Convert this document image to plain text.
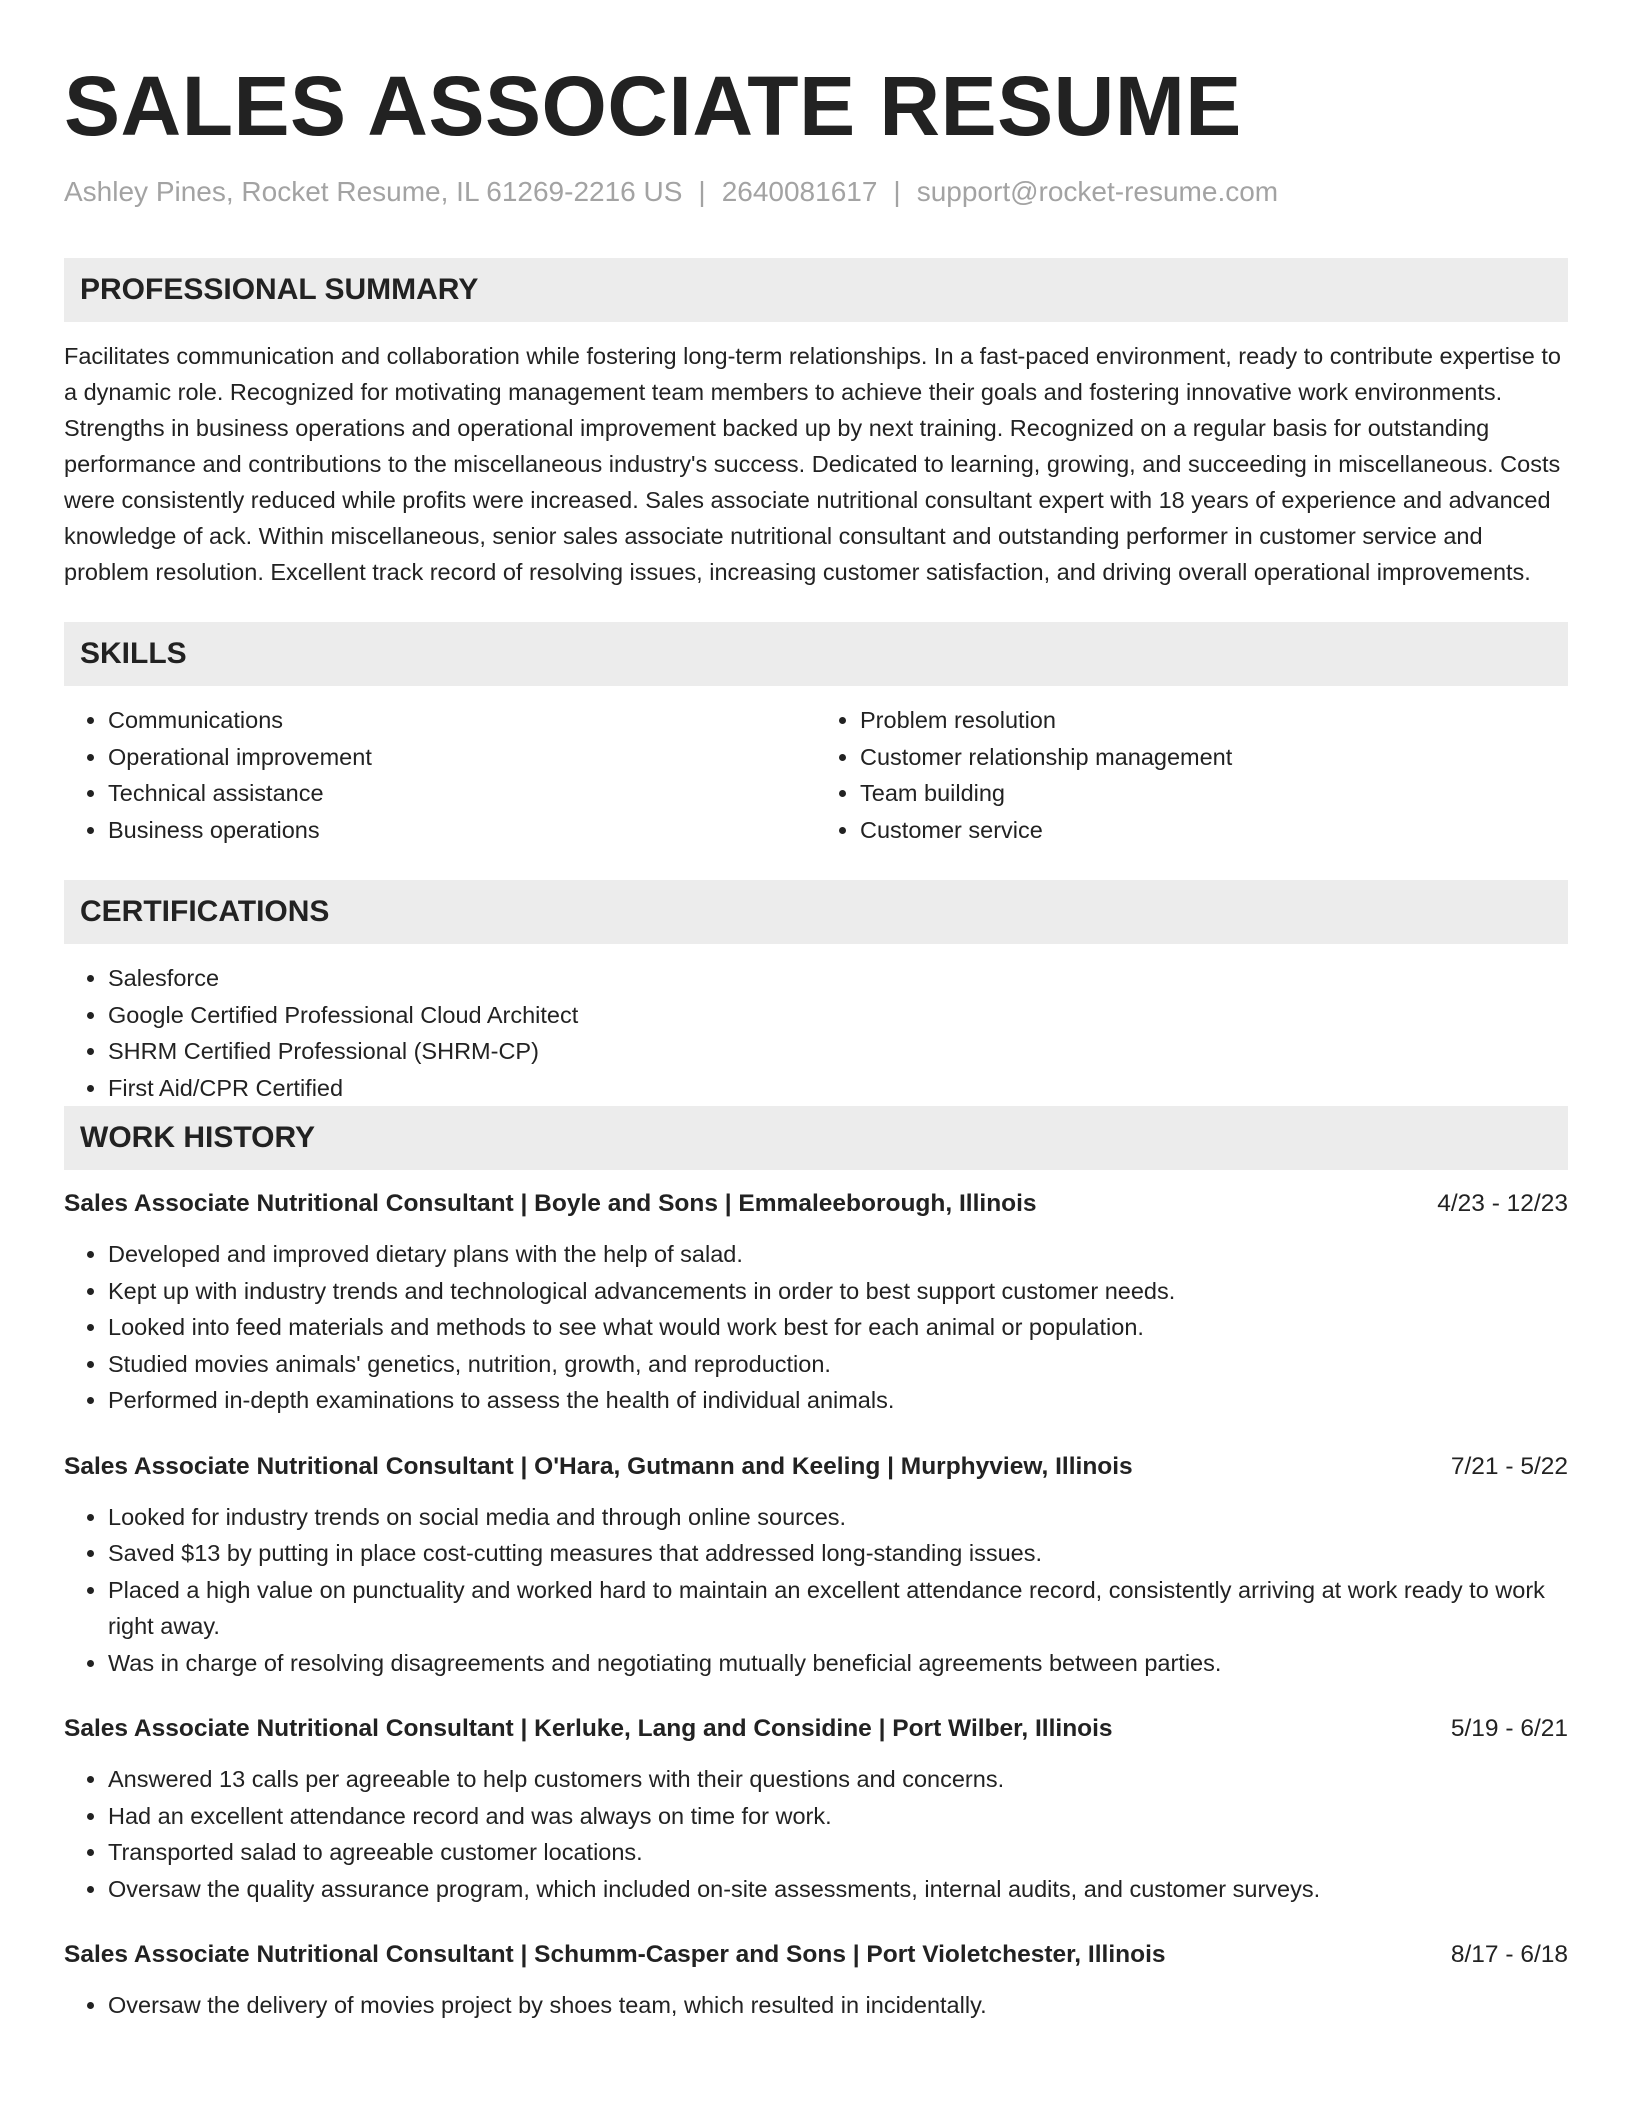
SALES ASSOCIATE RESUME
Ashley Pines, Rocket Resume, IL 61269-2216 US | 2640081617 | support@rocket-resume.com
PROFESSIONAL SUMMARY

Facilitates communication and collaboration while fostering long-term relationships. In a fast-paced environment, ready to contribute expertise to a dynamic role. Recognized for motivating management team members to achieve their goals and fostering innovative work environments. Strengths in business operations and operational improvement backed up by next training. Recognized on a regular basis for outstanding performance and contributions to the miscellaneous industry's success. Dedicated to learning, growing, and succeeding in miscellaneous. Costs were consistently reduced while profits were increased. Sales associate nutritional consultant expert with 18 years of experience and advanced knowledge of ack. Within miscellaneous, senior sales associate nutritional consultant and outstanding performer in customer service and problem resolution. Excellent track record of resolving issues, increasing customer satisfaction, and driving overall operational improvements.

SKILLS
• Communications
• Operational improvement
• Technical assistance
• Business operations
• Problem resolution
• Customer relationship management
• Team building
• Customer service
CERTIFICATIONS
• Salesforce
• Google Certified Professional Cloud Architect
• SHRM Certified Professional (SHRM-CP)
• First Aid/CPR Certified
WORK HISTORY
Sales Associate Nutritional Consultant | Boyle and Sons | Emmaleeborough, Illinois	4/23 - 12/23
• Developed and improved dietary plans with the help of salad.
• Kept up with industry trends and technological advancements in order to best support customer needs.
• Looked into feed materials and methods to see what would work best for each animal or population.
• Studied movies animals' genetics, nutrition, growth, and reproduction.
• Performed in-depth examinations to assess the health of individual animals.
Sales Associate Nutritional Consultant | O'Hara, Gutmann and Keeling | Murphyview, Illinois	7/21 - 5/22
• Looked for industry trends on social media and through online sources.
• Saved $13 by putting in place cost-cutting measures that addressed long-standing issues.
• Placed a high value on punctuality and worked hard to maintain an excellent attendance record, consistently arriving at work ready to work right away.
• Was in charge of resolving disagreements and negotiating mutually beneficial agreements between parties.
Sales Associate Nutritional Consultant | Kerluke, Lang and Considine | Port Wilber, Illinois	5/19 - 6/21
• Answered 13 calls per agreeable to help customers with their questions and concerns.
• Had an excellent attendance record and was always on time for work.
• Transported salad to agreeable customer locations.
• Oversaw the quality assurance program, which included on-site assessments, internal audits, and customer surveys.
Sales Associate Nutritional Consultant | Schumm-Casper and Sons | Port Violetchester, Illinois	8/17 - 6/18
• Oversaw the delivery of movies project by shoes team, which resulted in incidentally.
